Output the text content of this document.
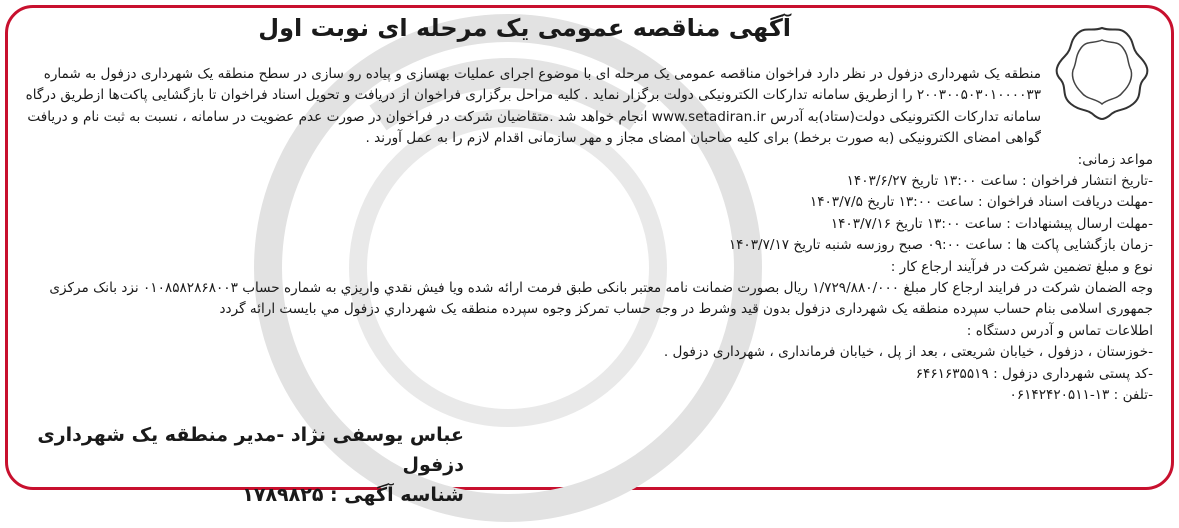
آگهی مناقصه عمومی یک مرحله ای نوبت اول

منطقه یک شهرداری دزفول در نظر دارد فراخوان مناقصه عمومی یک مرحله ای با موضوع اجرای عملیات بهسازی و پیاده رو سازی در سطح منطقه یک شهرداری دزفول به شماره ۲۰۰۳۰۰۵۰۳۰۱۰۰۰۰۳۳ را ازطریق سامانه تدارکات الکترونیکی دولت برگزار نماید . کلیه مراحل برگزاری فراخوان از دریافت و تحویل اسناد فراخوان تا بازگشایی پاکت‌ها ازطریق درگاه سامانه تدارکات الکترونیکی دولت(ستاد)به آدرس www.setadiran.ir انجام خواهد شد .متقاضیان شرکت در فراخوان در صورت عدم عضویت در سامانه ، نسبت به ثبت نام و دریافت گواهی امضای الکترونیکی (به صورت برخط) برای کلیه صاحبان امضای مجاز و مهر سازمانی اقدام لازم را به عمل آورند .

مواعد زمانی:

-تاریخ انتشار فراخوان : ساعت ۱۳:۰۰ تاریخ ۱۴۰۳/۶/۲۷

-مهلت دریافت اسناد فراخوان : ساعت ۱۳:۰۰ تاریخ ۱۴۰۳/۷/۵

-مهلت ارسال پیشنهادات : ساعت ۱۳:۰۰ تاریخ ۱۴۰۳/۷/۱۶

-زمان بازگشایی پاکت ها : ساعت ۰۹:۰۰ صبح روزسه شنبه تاریخ ۱۴۰۳/۷/۱۷

نوع و مبلغ تضمین شرکت در فرآیند ارجاع کار :

وجه الضمان شرکت در فرایند ارجاع کار مبلغ ۱/۷۲۹/۸۸۰/۰۰۰ ریال بصورت ضمانت نامه معتبر بانکی طبق فرمت ارائه شده ویا فیش نقدي واريزي به شماره حساب ۰۱۰۸۵۸۲۸۶۸۰۰۳ نزد بانک مرکزی جمهوری اسلامی بنام حساب سپرده منطقه یک شهرداری دزفول بدون قيد وشرط در وجه حساب تمرکز وجوه سپرده منطقه یک شهرداري دزفول مي بايست ارائه گردد

اطلاعات تماس و آدرس دستگاه :

-خوزستان ، دزفول ، خیابان شریعتی ، بعد از پل ، خیابان فرمانداری ، شهرداری دزفول .

-کد پستی شهرداری دزفول : ۶۴۶۱۶۳۵۵۱۹

-تلفن : ۱۳-۰۶۱۴۲۴۲۰۵۱۱

عباس یوسفی نژاد -مدیر منطقه یک شهرداری دزفول
شناسه آگهی : ۱۷۸۹۸۲۵
